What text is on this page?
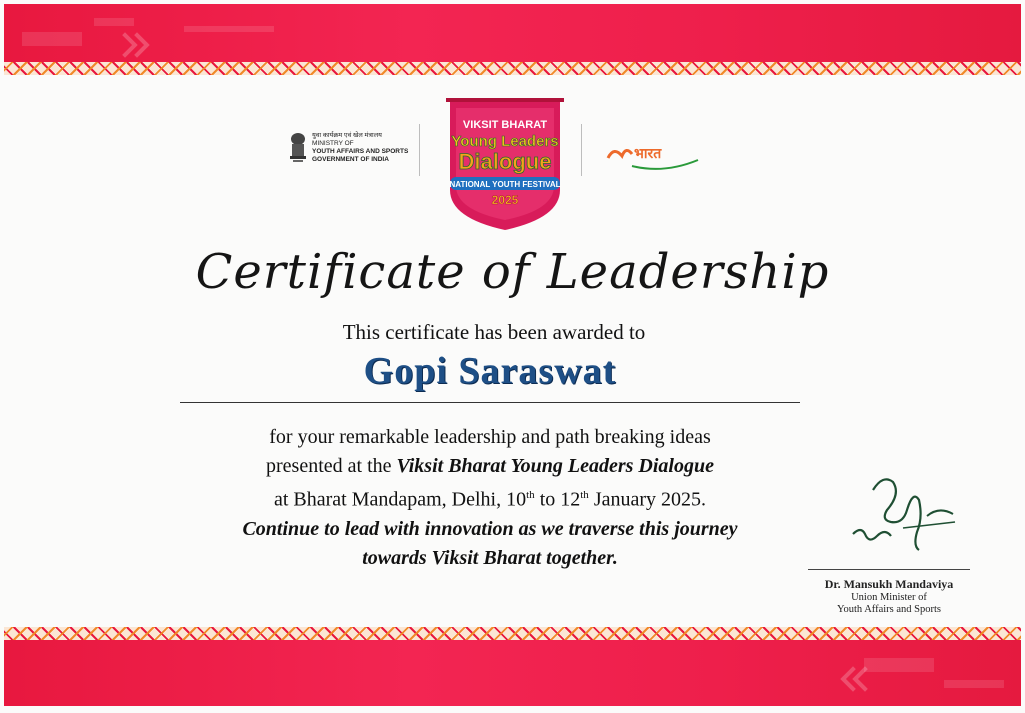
युवा कार्यक्रम एवं खेल मंत्रालय
MINISTRY OF
YOUTH AFFAIRS AND SPORTS
GOVERNMENT OF INDIA
VIKSIT BHARAT
Young Leaders
Dialogue
NATIONAL YOUTH FESTIVAL
2025
भारत
Certificate of Leadership
This certificate has been awarded to
Gopi Saraswat
for your remarkable leadership and path breaking ideas
presented at the Viksit Bharat Young Leaders Dialogue
at Bharat Mandapam, Delhi, 10th to 12th January 2025.
Continue to lead with innovation as we traverse this journey
towards Viksit Bharat together.
Dr. Mansukh Mandaviya
Union Minister of
Youth Affairs and Sports
